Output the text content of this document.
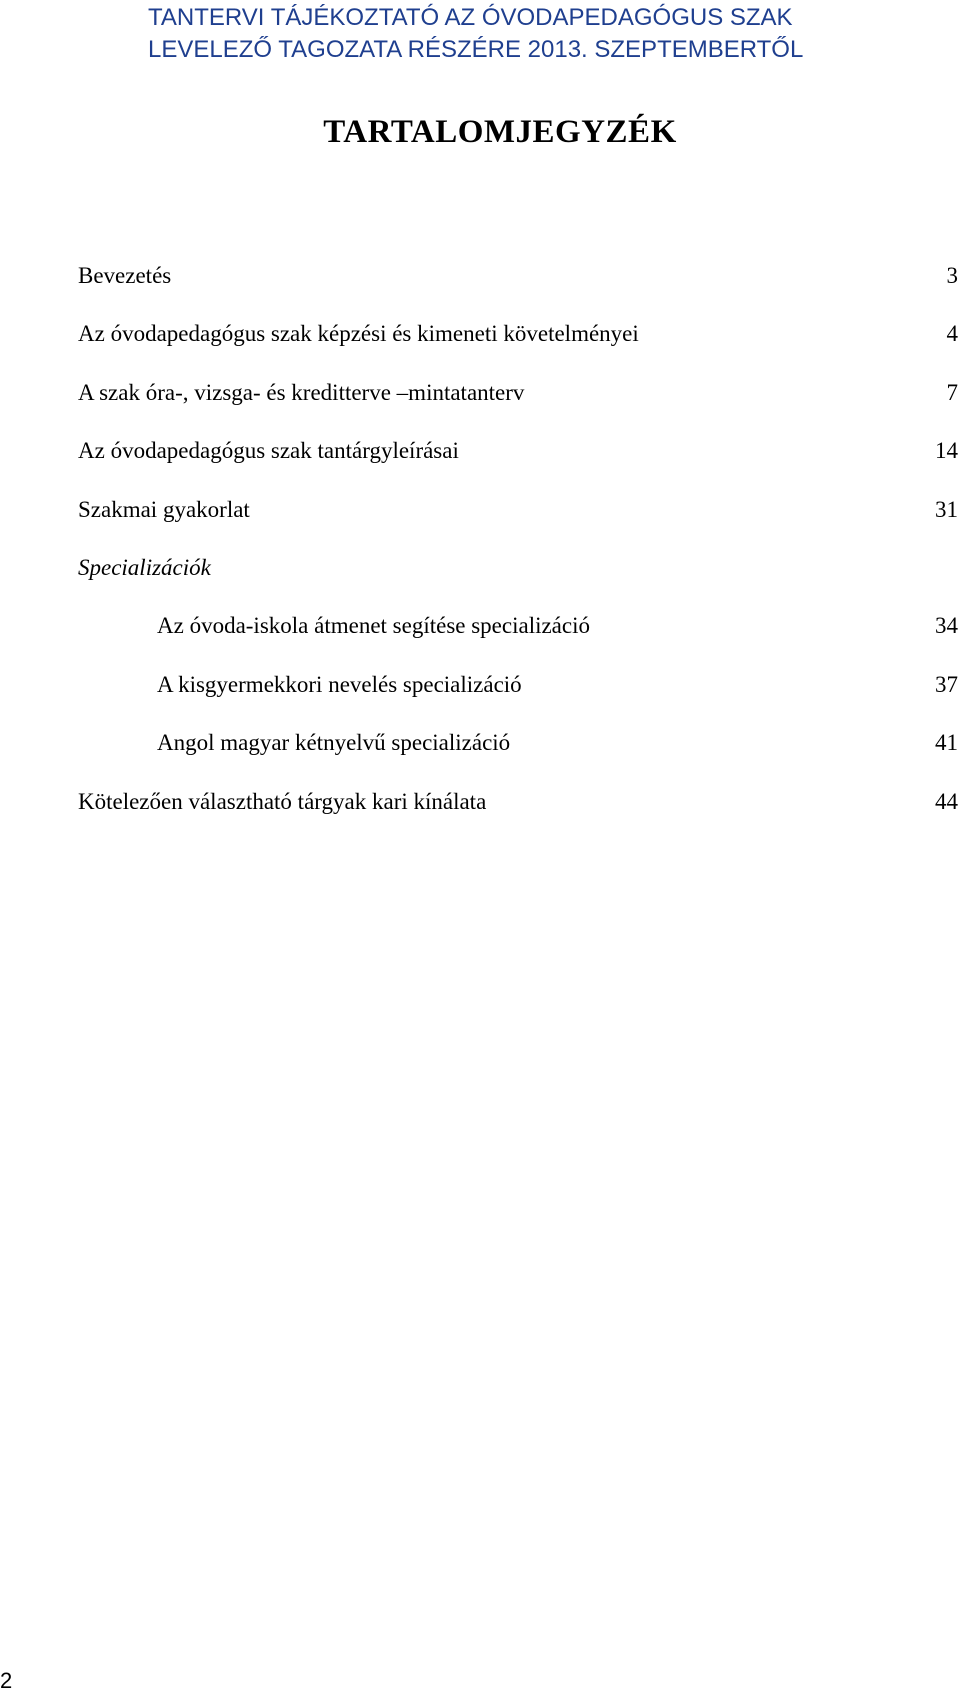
TANTERVI TÁJÉKOZTATÓ AZ ÓVODAPEDAGÓGUS SZAK
LEVELEZŐ TAGOZATA RÉSZÉRE 2013. SZEPTEMBERTŐL
TARTALOMJEGYZÉK
Bevezetés	3
Az óvodapedagógus szak képzési és kimeneti követelményei	4
A szak óra-, vizsga- és kreditterve –mintatanterv	7
Az óvodapedagógus szak tantárgyleírásai	14
Szakmai gyakorlat	31
Specializációk
Az óvoda-iskola átmenet segítése specializáció	34
A kisgyermekkori nevelés specializáció	37
Angol magyar kétnyelvű specializáció	41
Kötelezően választható tárgyak kari kínálata	44
2
